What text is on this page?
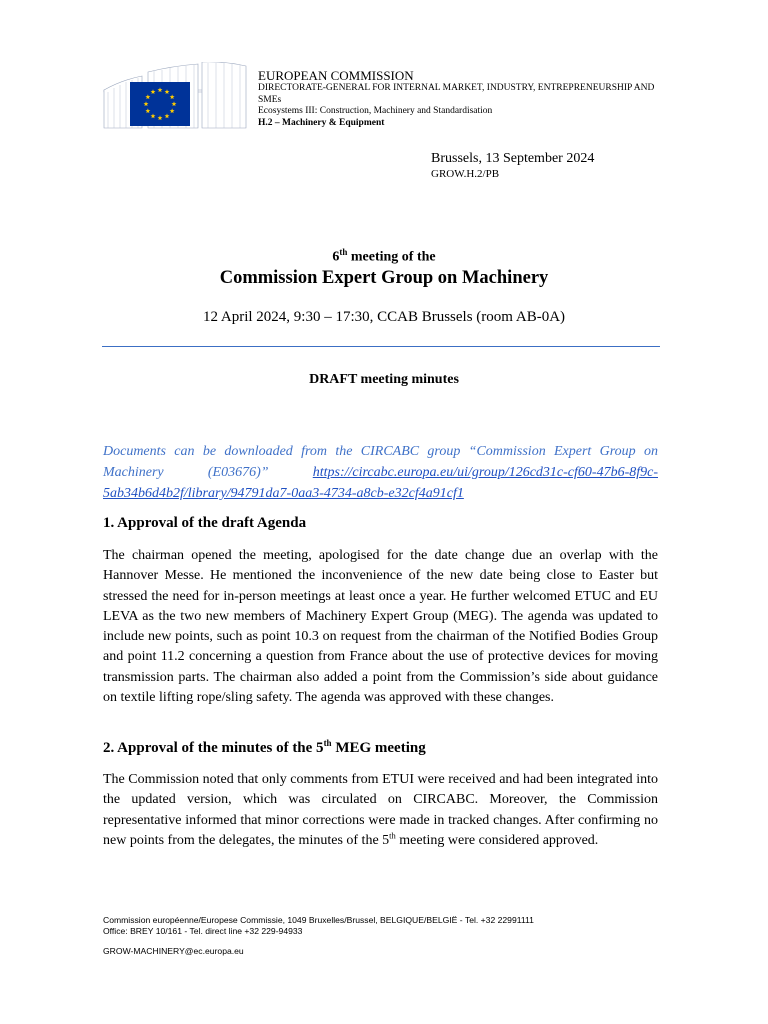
EUROPEAN COMMISSION
DIRECTORATE-GENERAL FOR INTERNAL MARKET, INDUSTRY, ENTREPRENEURSHIP AND SMEs
Ecosystems III: Construction, Machinery and Standardisation
H.2 – Machinery & Equipment
Brussels, 13 September 2024
GROW.H.2/PB
6th meeting of the
Commission Expert Group on Machinery
12 April 2024, 9:30 – 17:30, CCAB Brussels (room AB-0A)
DRAFT meeting minutes
Documents can be downloaded from the CIRCABC group “Commission Expert Group on Machinery (E03676)” https://circabc.europa.eu/ui/group/126cd31c-cf60-47b6-8f9c-5ab34b6d4b2f/library/94791da7-0aa3-4734-a8cb-e32cf4a91cf1
1. Approval of the draft Agenda
The chairman opened the meeting, apologised for the date change due an overlap with the Hannover Messe. He mentioned the inconvenience of the new date being close to Easter but stressed the need for in-person meetings at least once a year. He further welcomed ETUC and EU LEVA as the two new members of Machinery Expert Group (MEG). The agenda was updated to include new points, such as point 10.3 on request from the chairman of the Notified Bodies Group and point 11.2 concerning a question from France about the use of protective devices for moving transmission parts. The chairman also added a point from the Commission’s side about guidance on textile lifting rope/sling safety. The agenda was approved with these changes.
2. Approval of the minutes of the 5th MEG meeting
The Commission noted that only comments from ETUI were received and had been integrated into the updated version, which was circulated on CIRCABC. Moreover, the Commission representative informed that minor corrections were made in tracked changes. After confirming no new points from the delegates, the minutes of the 5th meeting were considered approved.
Commission européenne/Europese Commissie, 1049 Bruxelles/Brussel, BELGIQUE/BELGIË - Tel. +32 22991111
Office: BREY 10/161 - Tel. direct line +32 229-94933
GROW-MACHINERY@ec.europa.eu
